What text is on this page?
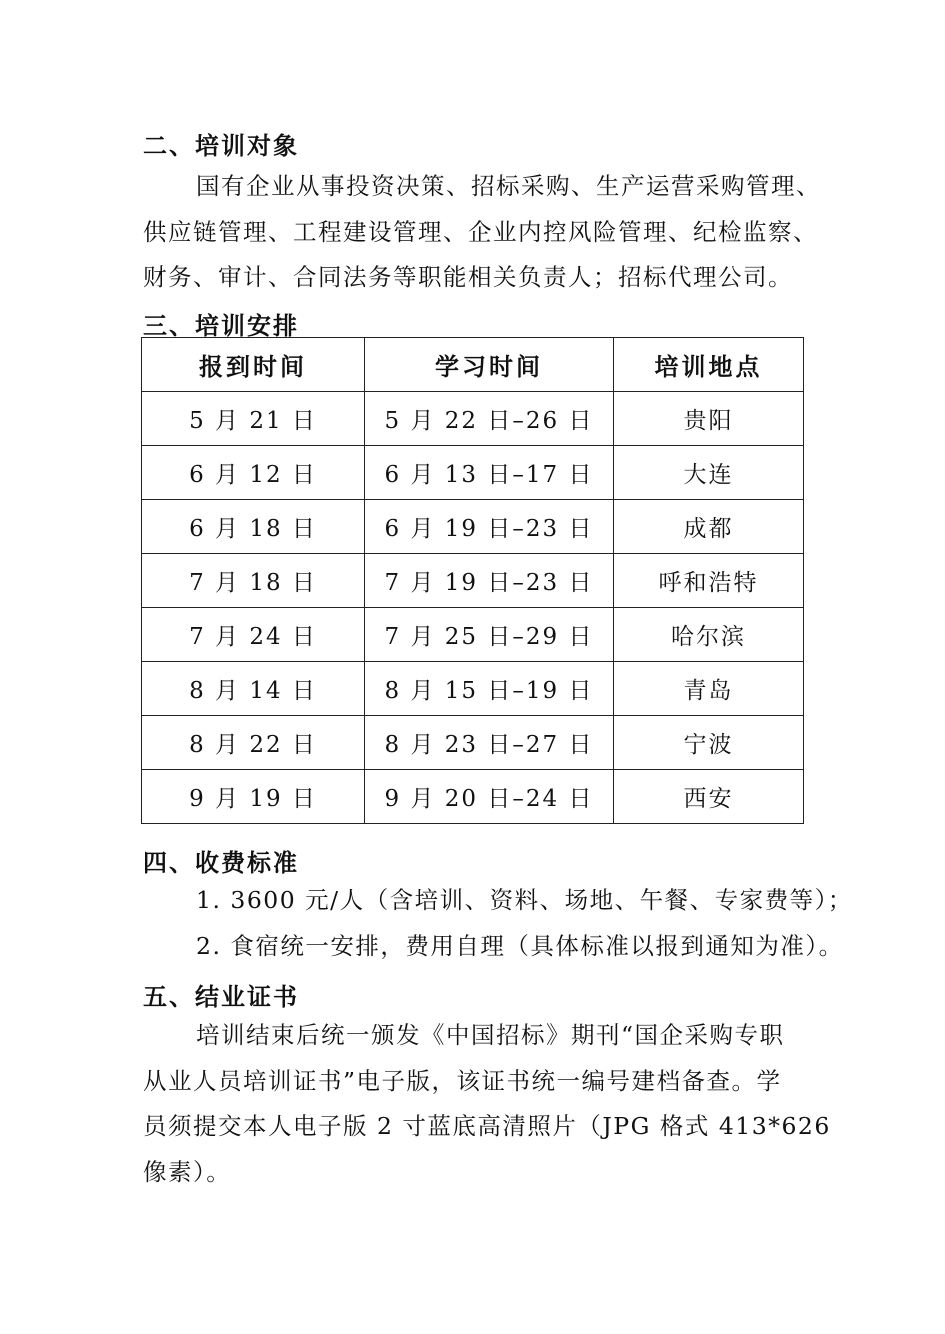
二、培训对象
国有企业从事投资决策、招标采购、生产运营采购管理、
供应链管理、工程建设管理、企业内控风险管理、纪检监察、
财务、审计、合同法务等职能相关负责人；招标代理公司。
三、培训安排
报到时间	学习时间	培训地点
5 月 21 日	5 月 22 日–26 日	贵阳
6 月 12 日	6 月 13 日–17 日	大连
6 月 18 日	6 月 19 日–23 日	成都
7 月 18 日	7 月 19 日–23 日	呼和浩特
7 月 24 日	7 月 25 日–29 日	哈尔滨
8 月 14 日	8 月 15 日–19 日	青岛
8 月 22 日	8 月 23 日–27 日	宁波
9 月 19 日	9 月 20 日–24 日	西安
四、收费标准
1. 3600 元/人（含培训、资料、场地、午餐、专家费等）；
2. 食宿统一安排，费用自理（具体标准以报到通知为准）。
五、结业证书
培训结束后统一颁发《中国招标》期刊“国企采购专职
从业人员培训证书”电子版，该证书统一编号建档备查。学
员须提交本人电子版 2 寸蓝底高清照片（JPG 格式 413*626
像素）。
